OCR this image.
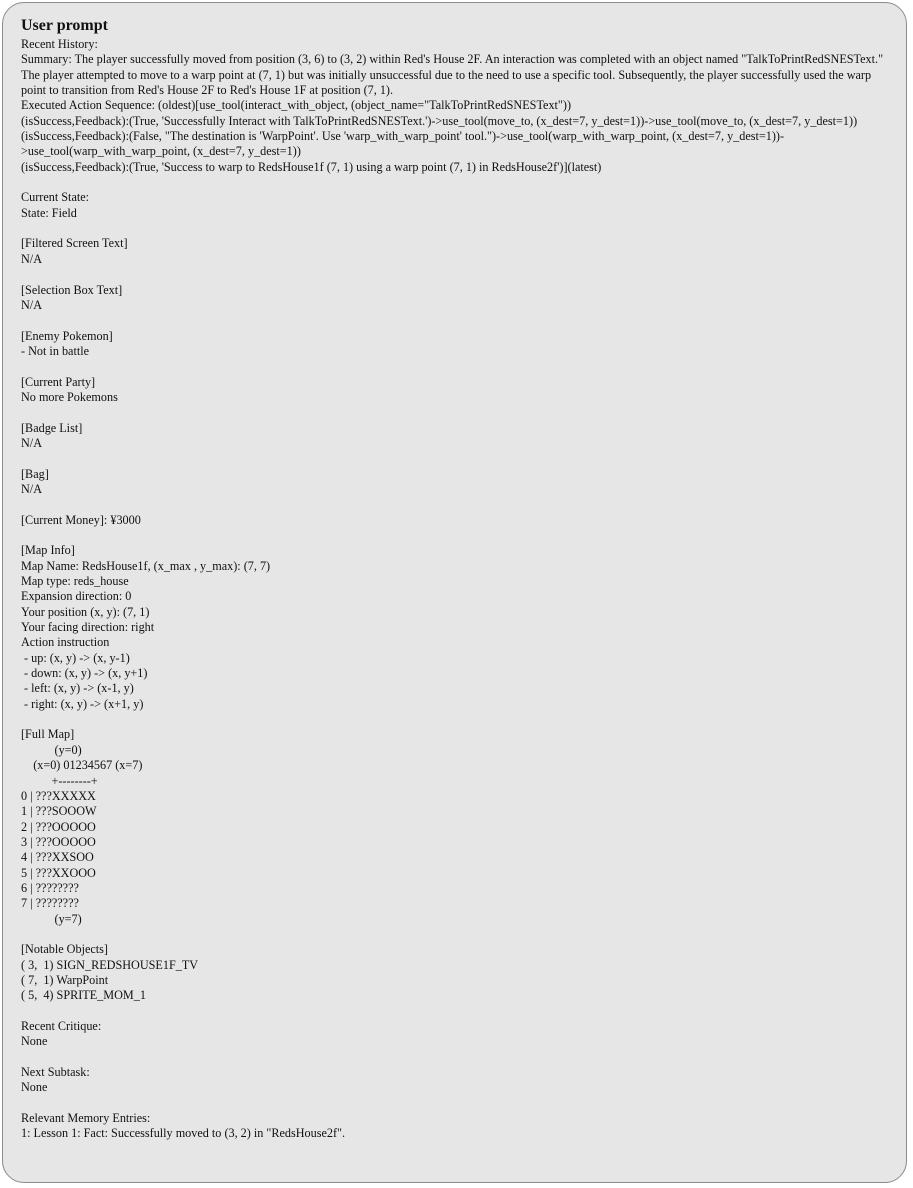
User prompt
Recent History:
Summary: The player successfully moved from position (3, 6) to (3, 2) within Red's House 2F. An interaction was completed with an object named "TalkToPrintRedSNESText." The player attempted to move to a warp point at (7, 1) but was initially unsuccessful due to the need to use a specific tool. Subsequently, the player successfully used the warp point to transition from Red's House 2F to Red's House 1F at position (7, 1).
Executed Action Sequence: (oldest)[use_tool(interact_with_object, (object_name="TalkToPrintRedSNESText"))
(isSuccess,Feedback):(True, 'Successfully Interact with TalkToPrintRedSNESText.')->use_tool(move_to, (x_dest=7, y_dest=1))->use_tool(move_to, (x_dest=7, y_dest=1))
(isSuccess,Feedback):(False, "The destination is 'WarpPoint'. Use 'warp_with_warp_point' tool.")->use_tool(warp_with_warp_point, (x_dest=7, y_dest=1))->use_tool(warp_with_warp_point, (x_dest=7, y_dest=1))
(isSuccess,Feedback):(True, 'Success to warp to RedsHouse1f (7, 1) using a warp point (7, 1) in RedsHouse2f')](latest)

Current State:
State: Field

[Filtered Screen Text]
N/A

[Selection Box Text]
N/A

[Enemy Pokemon]
- Not in battle

[Current Party]
No more Pokemons

[Badge List]
N/A

[Bag]
N/A

[Current Money]: ¥3000

[Map Info]
Map Name: RedsHouse1f, (x_max , y_max): (7, 7)
Map type: reds_house
Expansion direction: 0
Your position (x, y): (7, 1)
Your facing direction: right
Action instruction
- up: (x, y) -> (x, y-1)
- down: (x, y) -> (x, y+1)
- left: (x, y) -> (x-1, y)
- right: (x, y) -> (x+1, y)

[Full Map]
(y=0)
(x=0) 01234567 (x=7)
+--------+
0 | ???XXXXX
1 | ???SOOOW
2 | ???OOOOO
3 | ???OOOOO
4 | ???XXSOO
5 | ???XXOOO
6 | ????????
7 | ????????
(y=7)

[Notable Objects]
( 3,  1) SIGN_REDSHOUSE1F_TV
( 7,  1) WarpPoint
( 5,  4) SPRITE_MOM_1

Recent Critique:
None

Next Subtask:
None

Relevant Memory Entries:
1: Lesson 1: Fact: Successfully moved to (3, 2) in "RedsHouse2f".
